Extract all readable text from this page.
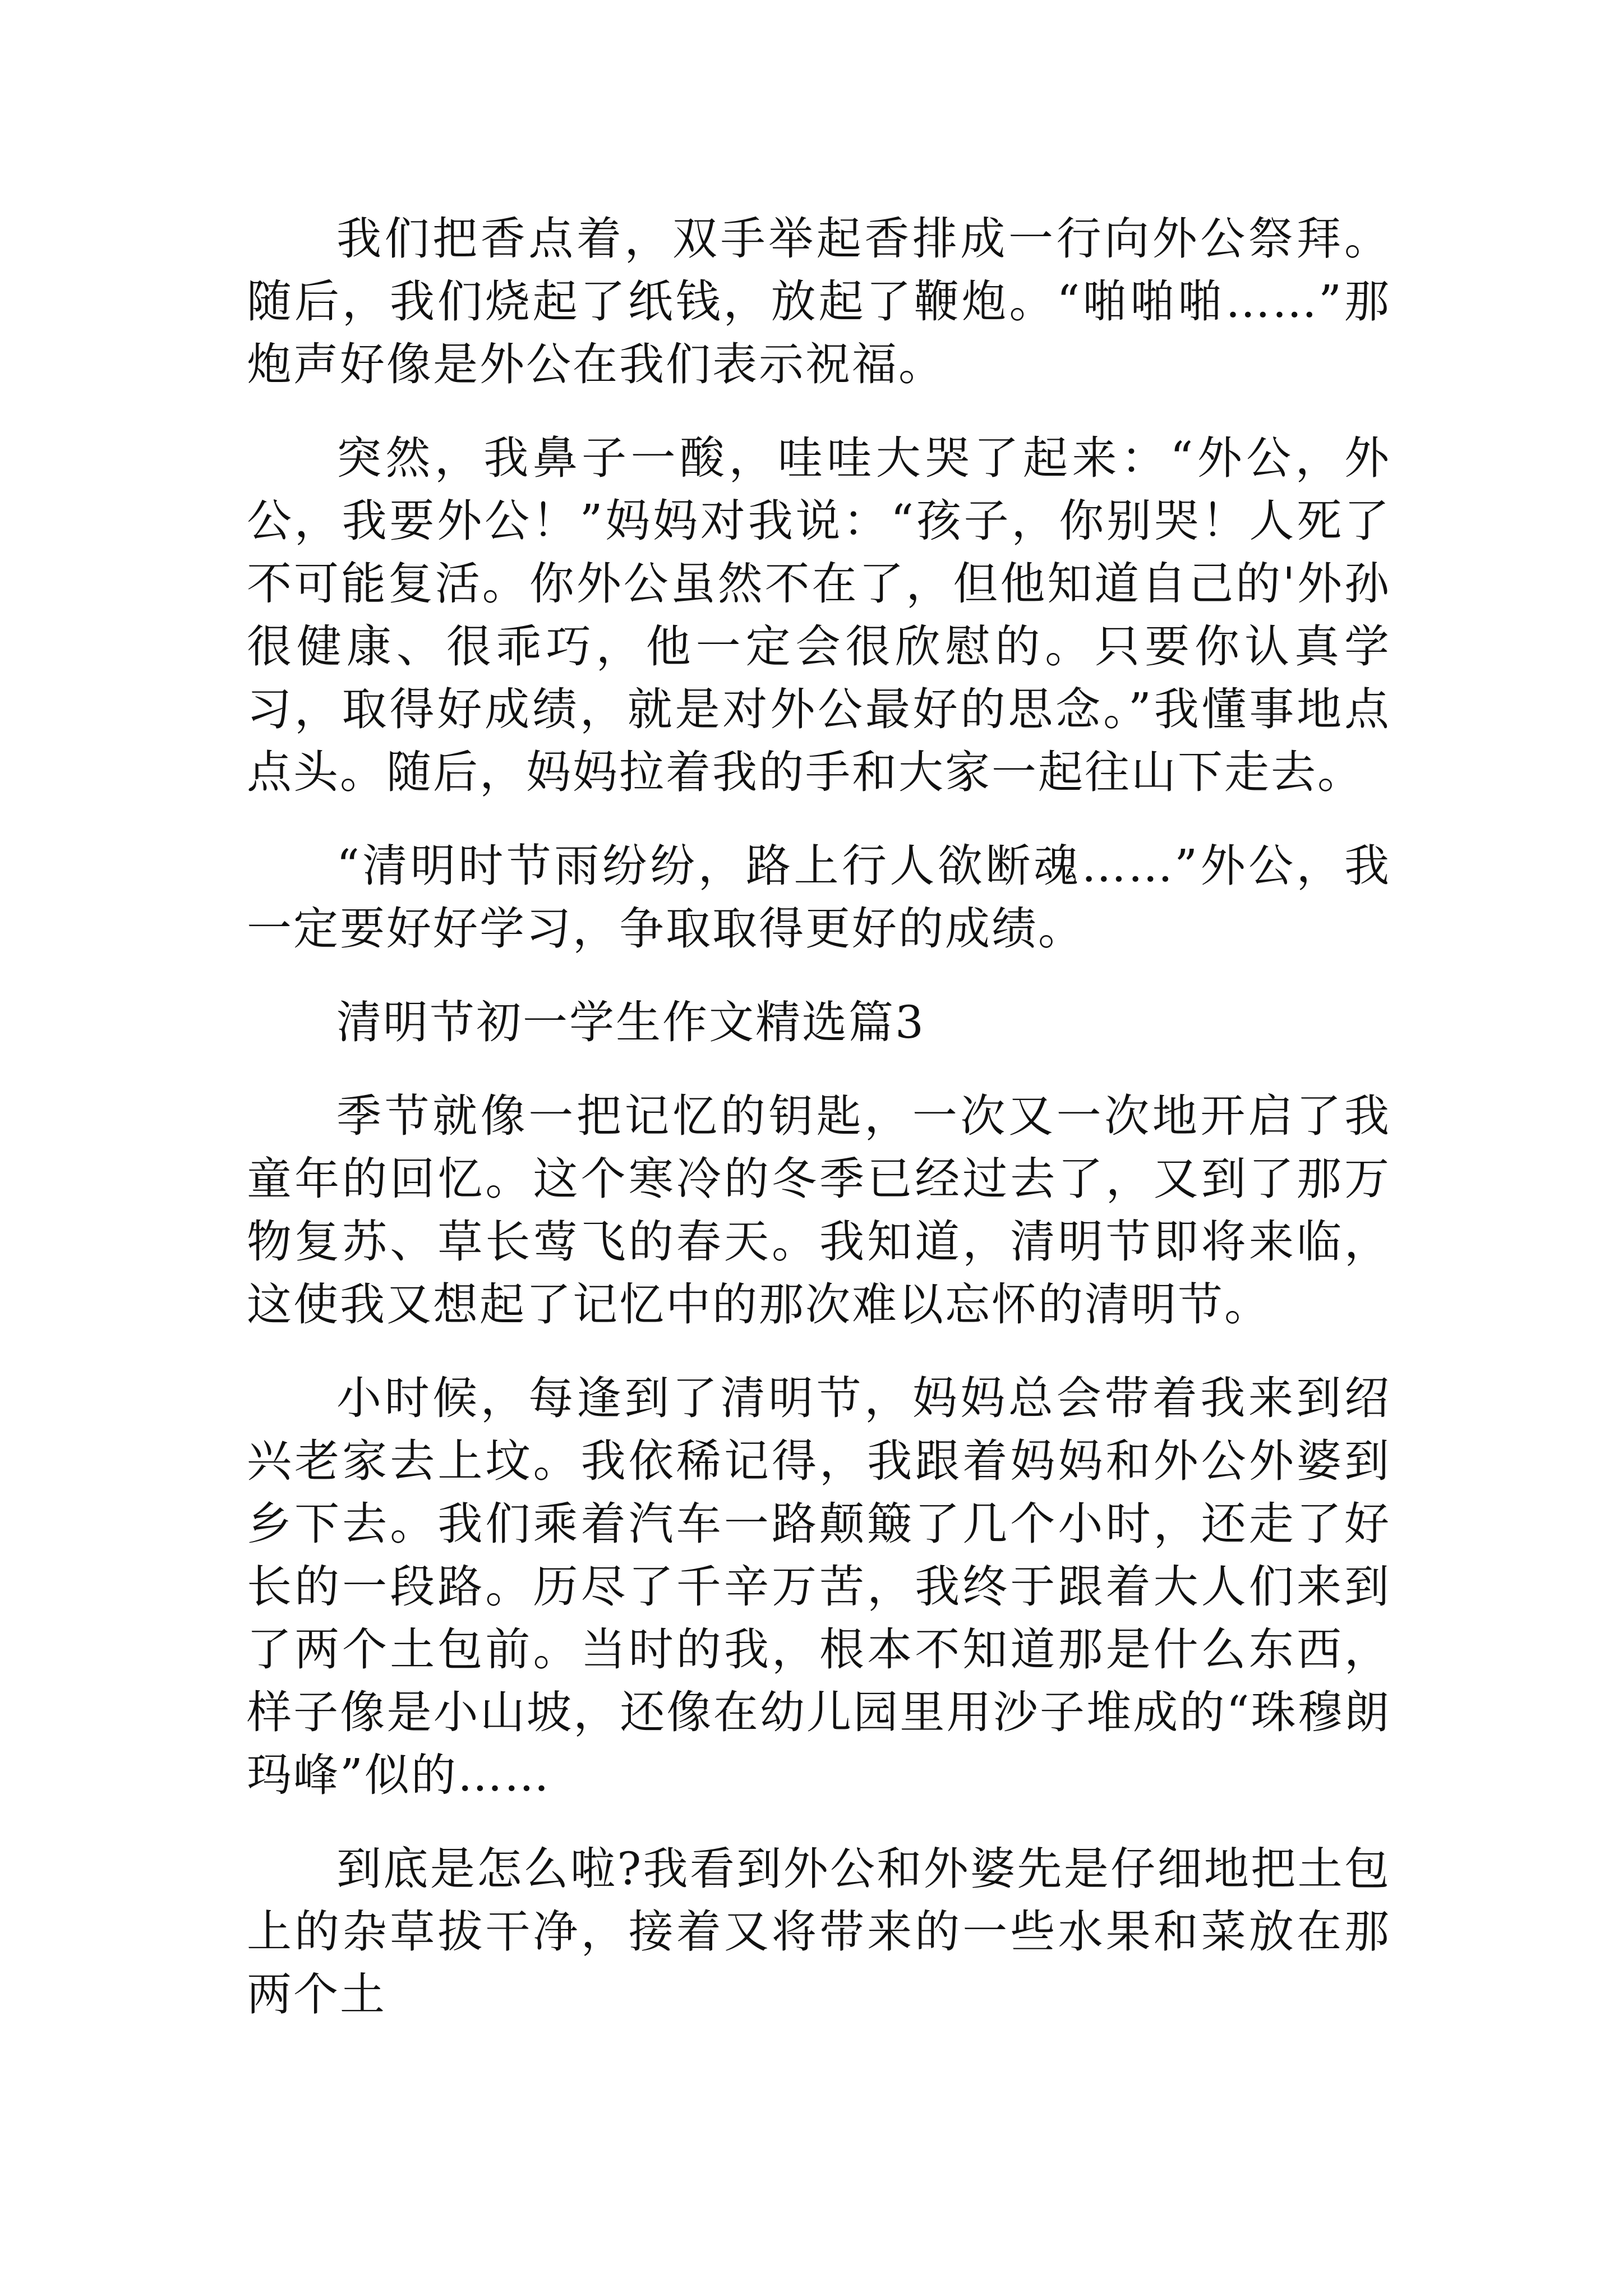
我们把香点着，双手举起香排成一行向外公祭拜。随后，我们烧起了纸钱，放起了鞭炮。“啪啪啪……”那炮声好像是外公在我们表示祝福。

突然，我鼻子一酸，哇哇大哭了起来：“外公，外公，我要外公！”妈妈对我说：“孩子，你别哭！人死了不可能复活。你外公虽然不在了，但他知道自己的'外孙很健康、很乖巧，他一定会很欣慰的。只要你认真学习，取得好成绩，就是对外公最好的思念。”我懂事地点点头。随后，妈妈拉着我的手和大家一起往山下走去。

“清明时节雨纷纷，路上行人欲断魂……”外公，我一定要好好学习，争取取得更好的成绩。

清明节初一学生作文精选篇3

季节就像一把记忆的钥匙，一次又一次地开启了我童年的回忆。这个寒冷的冬季已经过去了，又到了那万物复苏、草长莺飞的春天。我知道，清明节即将来临，这使我又想起了记忆中的那次难以忘怀的清明节。

小时候，每逢到了清明节，妈妈总会带着我来到绍兴老家去上坟。我依稀记得，我跟着妈妈和外公外婆到乡下去。我们乘着汽车一路颠簸了几个小时，还走了好长的一段路。历尽了千辛万苦，我终于跟着大人们来到了两个土包前。当时的我，根本不知道那是什么东西，样子像是小山坡，还像在幼儿园里用沙子堆成的“珠穆朗玛峰”似的……

到底是怎么啦?我看到外公和外婆先是仔细地把土包上的杂草拔干净，接着又将带来的一些水果和菜放在那两个土
